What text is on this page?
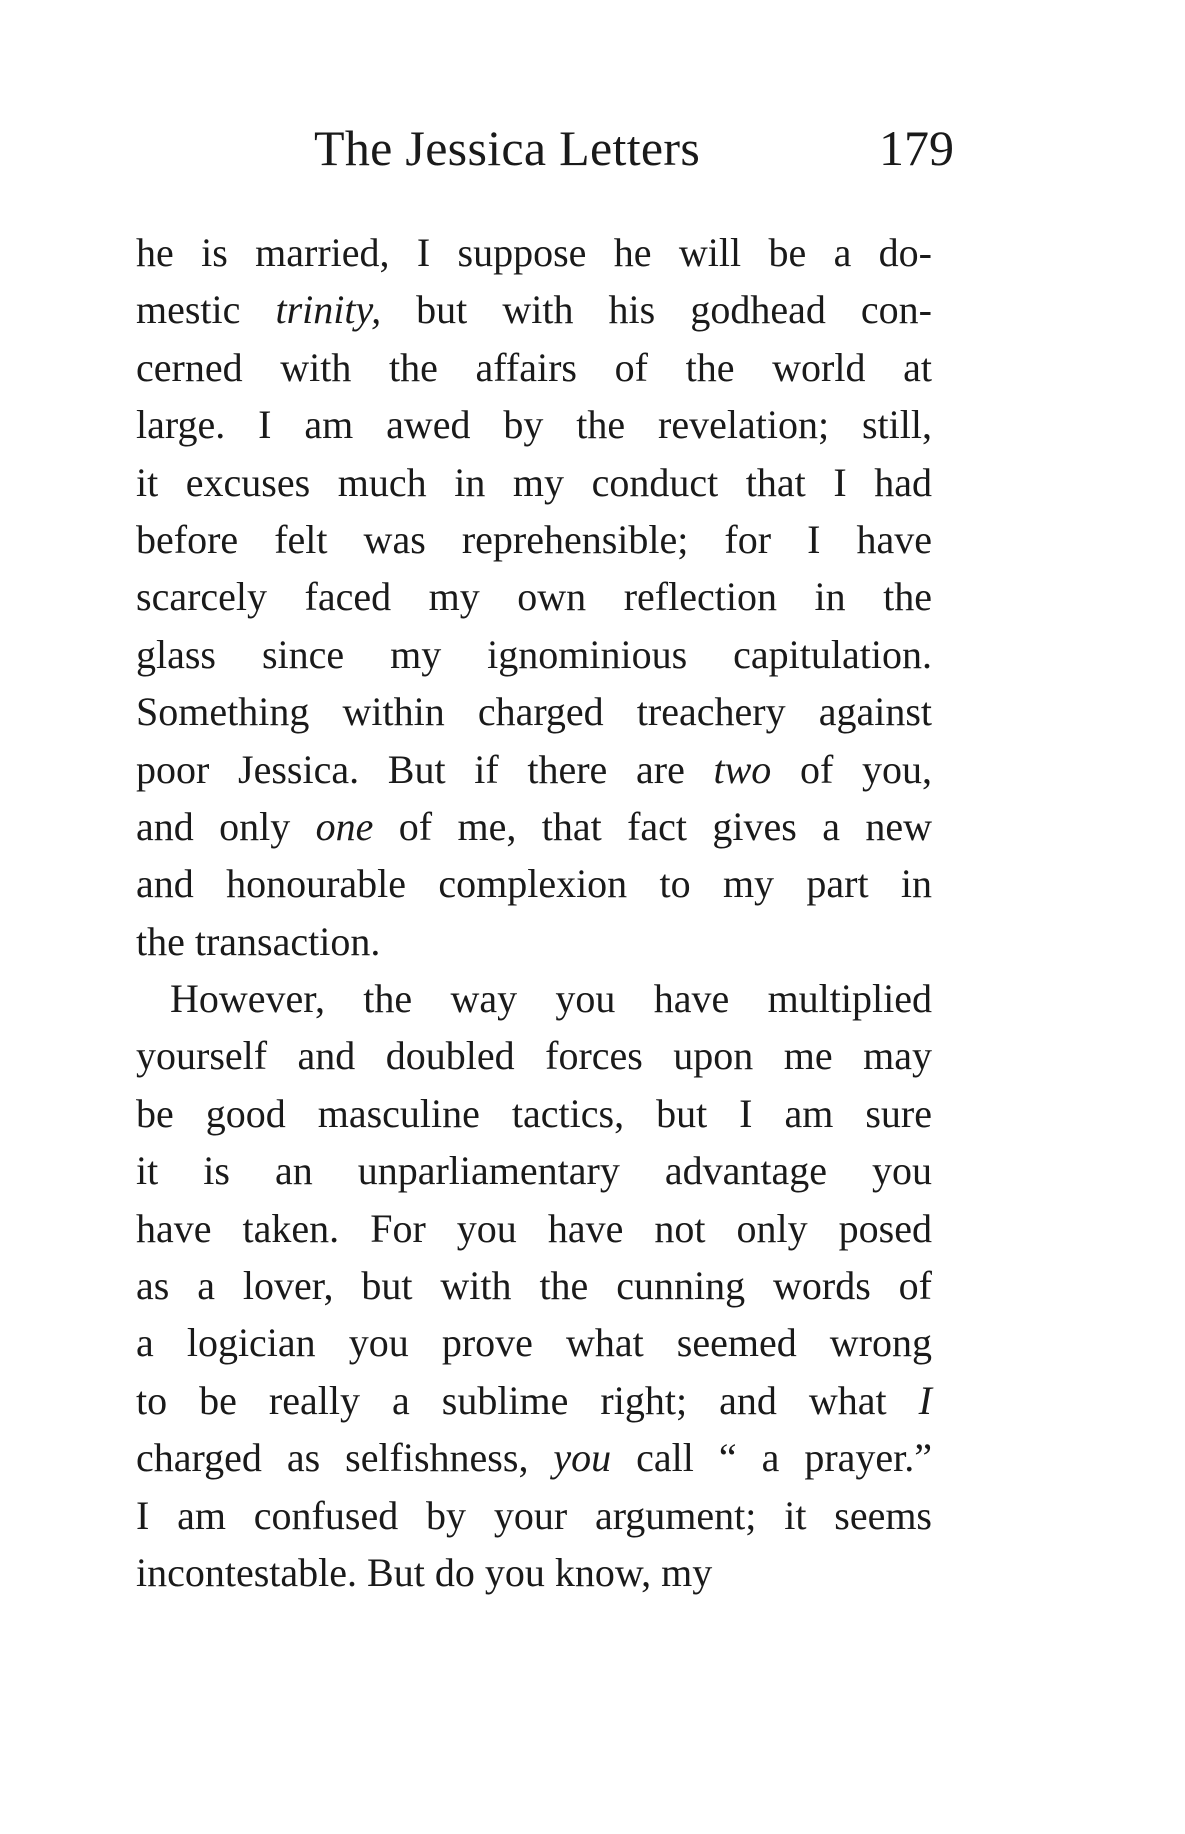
The Jessica Letters	179
he is married, I suppose he will be a do-
mestic trinity, but with his godhead con-
cerned with the affairs of the world at
large. I am awed by the revelation; still,
it excuses much in my conduct that I had
before felt was reprehensible; for I have
scarcely faced my own reflection in the
glass since my ignominious capitulation.
Something within charged treachery against
poor Jessica. But if there are two of you,
and only one of me, that fact gives a new
and honourable complexion to my part in
the transaction.
However, the way you have multiplied
yourself and doubled forces upon me may
be good masculine tactics, but I am sure
it is an unparliamentary advantage you
have taken. For you have not only posed
as a lover, but with the cunning words of
a logician you prove what seemed wrong
to be really a sublime right; and what I
charged as selfishness, you call “ a prayer.”
I am confused by your argument; it seems
incontestable. But do you know, my
